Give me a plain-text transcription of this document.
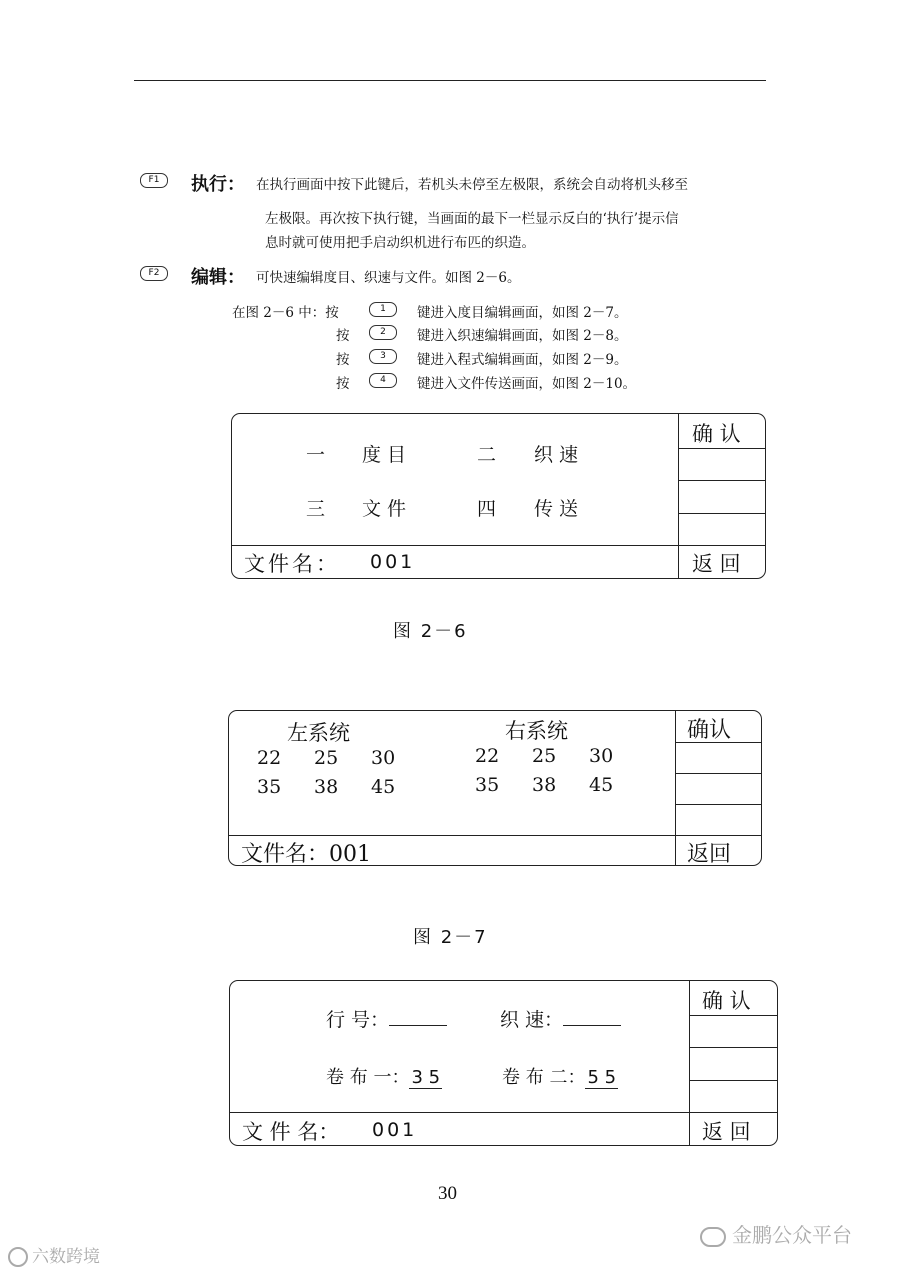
F1	执行： 在执行画面中按下此键后，若机头未停至左极限，系统会自动将机头移至
左极限。再次按下执行键，当画面的最下一栏显示反白的‘执行’提示信
息时就可使用把手启动织机进行布匹的织造。
F2	编辑： 可快速编辑度目、织速与文件。如图 2－6。
在图 2－6 中：按	1	键进入度目编辑画面，如图 2－7。
按	2	键进入织速编辑画面，如图 2－8。
按	3	键进入程式编辑画面，如图 2－9。
按	4	键进入文件传送画面，如图 2－10。
一 度目	二 织速
三 文件	四 传送
确 认
文件名： 001	返 回
图 2－6
左系统	右系统
22 25 30
35 38 45
22 25 30
35 38 45
确认
文件名：001	返回
图 2－7
行 号：	织 速：
卷 布 一： 3 5	卷 布 二： 5 5
确 认
文 件 名： 001	返 回
30
金鹏公众平台
六数跨境
